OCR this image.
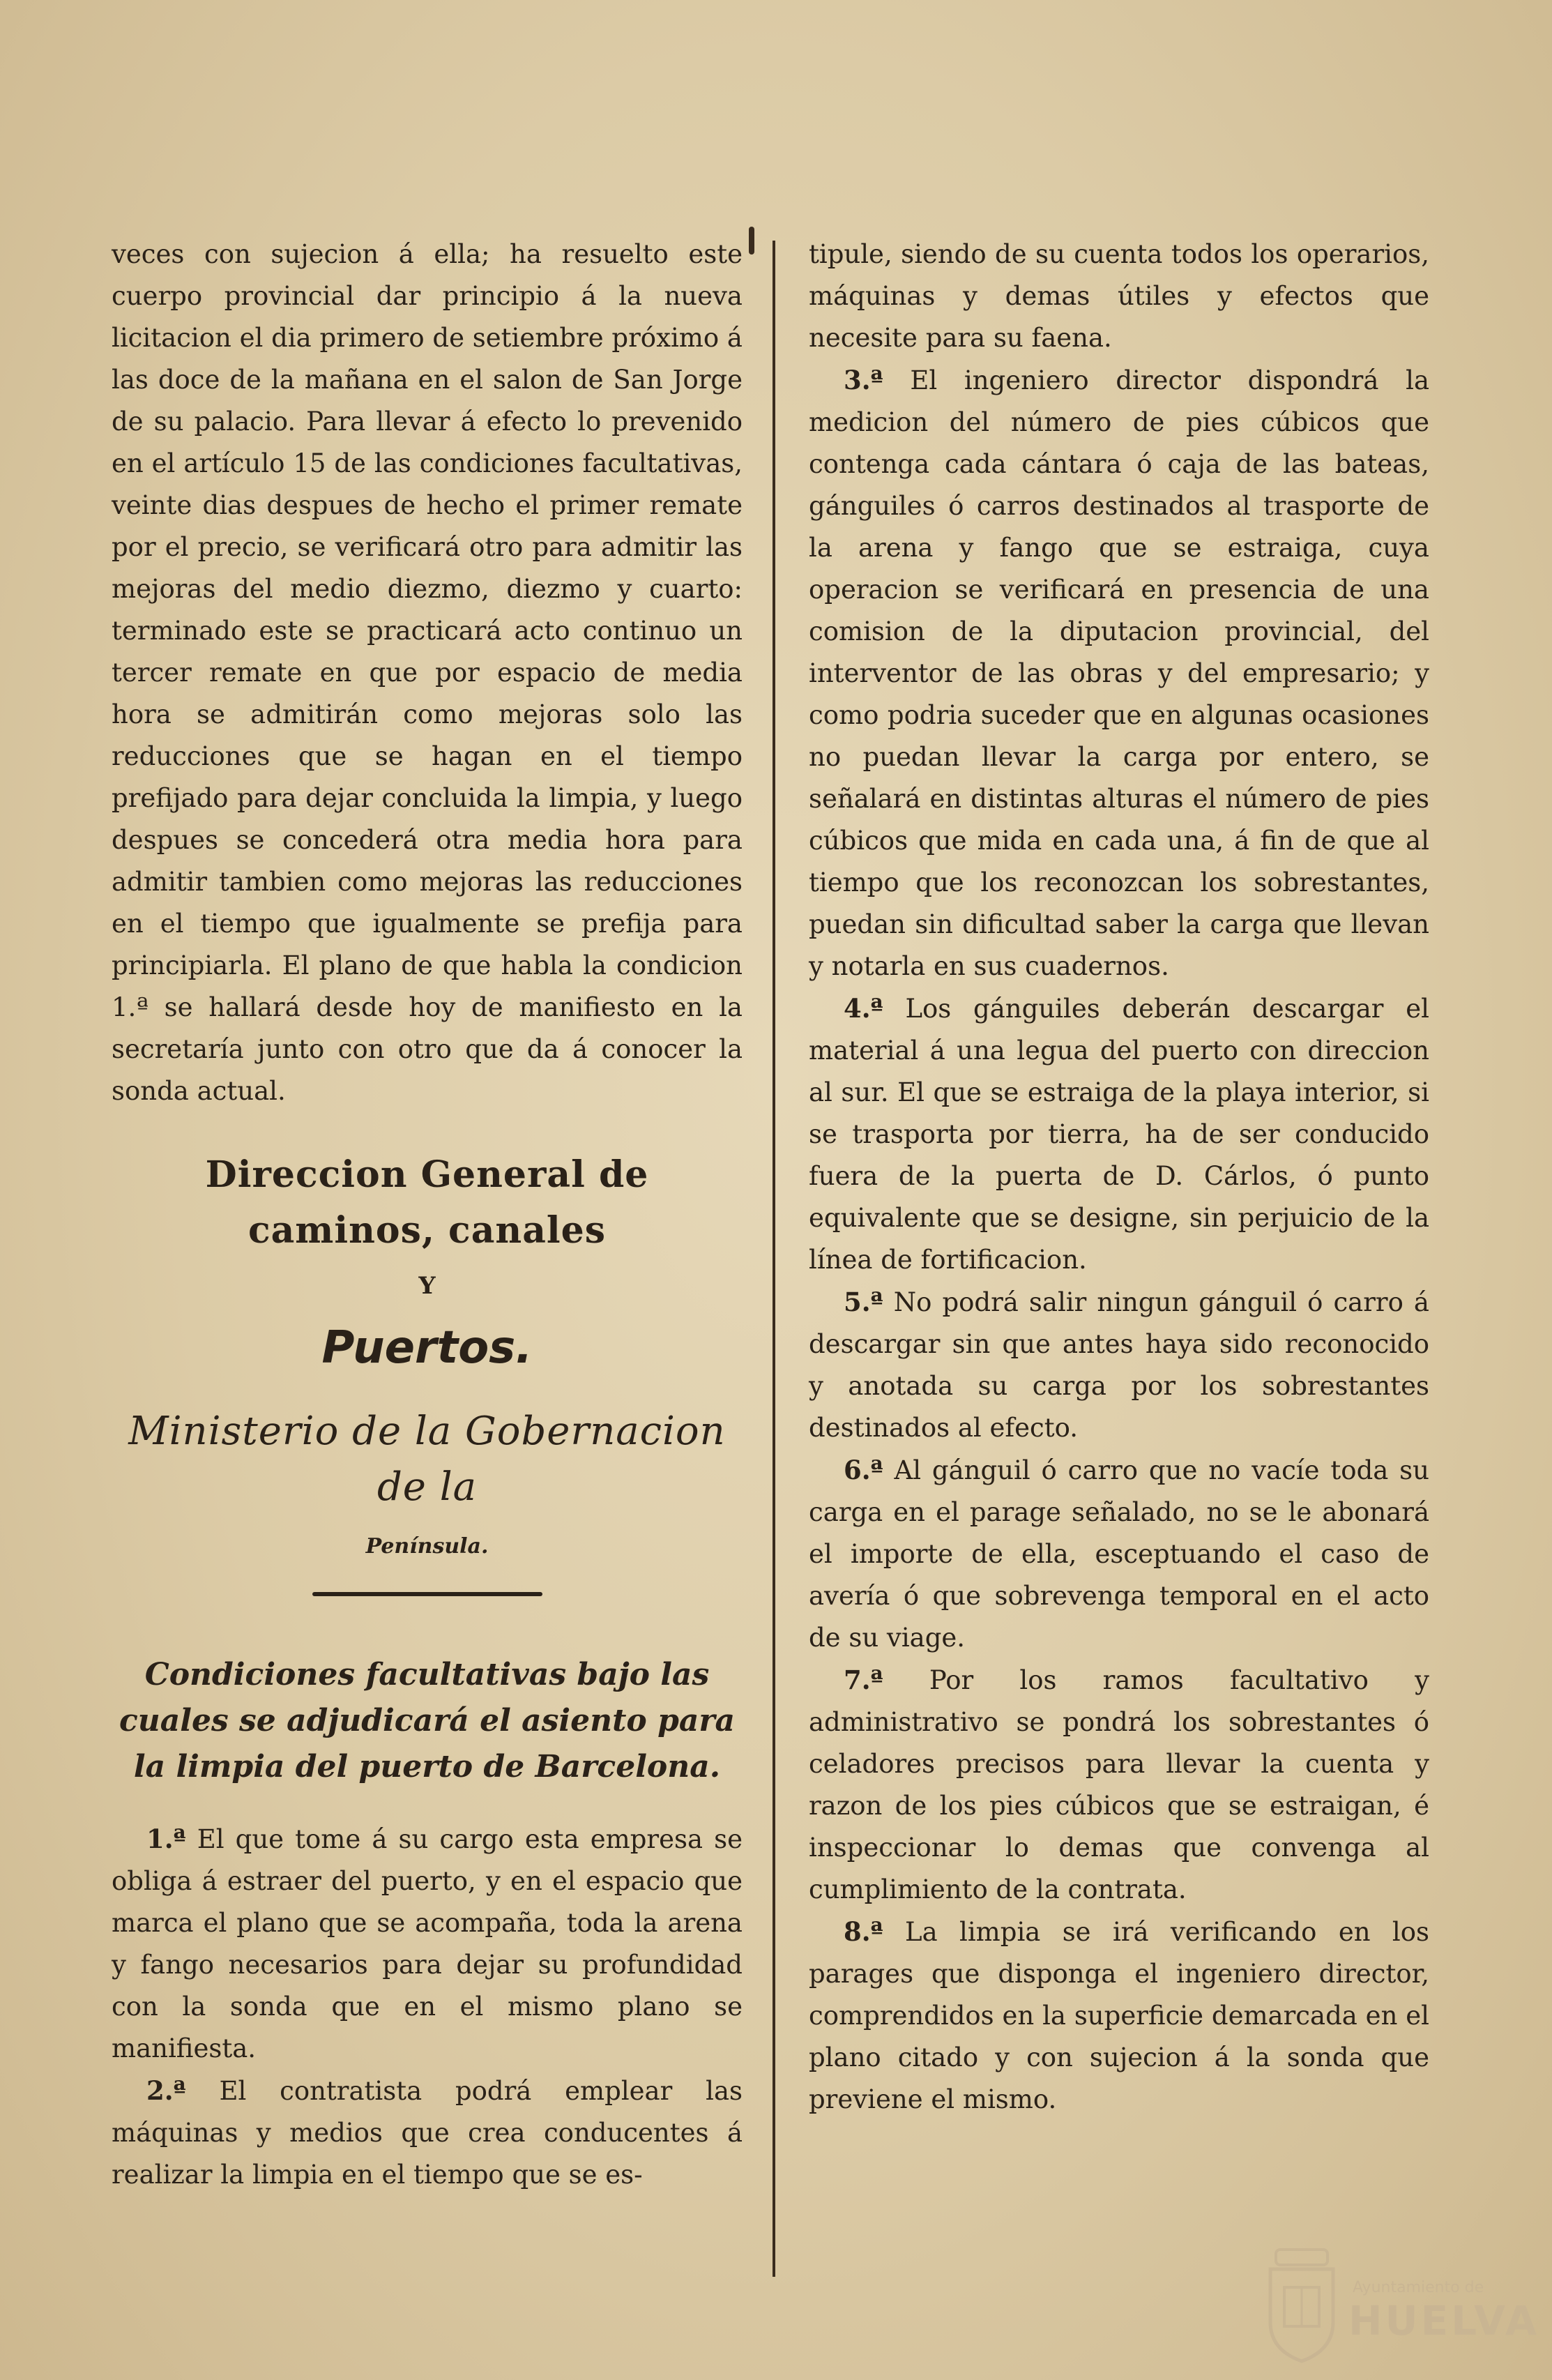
veces con sujecion á ella; ha resuelto este cuerpo provincial dar principio á la nueva licitacion el dia primero de setiembre próximo á las doce de la mañana en el salon de San Jorge de su palacio. Para llevar á efecto lo prevenido en el artículo 15 de las condiciones facultativas, veinte dias despues de hecho el primer remate por el precio, se verificará otro para admitir las mejoras del medio diezmo, diezmo y cuarto: terminado este se practicará acto continuo un tercer remate en que por espacio de media hora se admitirán como mejoras solo las reducciones que se hagan en el tiempo prefijado para dejar concluida la limpia, y luego despues se concederá otra media hora para admitir tambien como mejoras las reducciones en el tiempo que igualmente se prefija para principiarla. El plano de que habla la condicion 1.ª se hallará desde hoy de manifiesto en la secretaría junto con otro que da á conocer la sonda actual.

Direccion General de caminos, canales
Y
Puertos.
Ministerio de la Gobernacion de la
Península.
Condiciones facultativas bajo las cuales se adjudicará el asiento para la limpia del puerto de Barcelona.

1.ª El que tome á su cargo esta empresa se obliga á estraer del puerto, y en el espacio que marca el plano que se acompaña, toda la arena y fango necesarios para dejar su profundidad con la sonda que en el mismo plano se manifiesta.

2.ª El contratista podrá emplear las máquinas y medios que crea conducentes á realizar la limpia en el tiempo que se es-

tipule, siendo de su cuenta todos los operarios, máquinas y demas útiles y efectos que necesite para su faena.

3.ª El ingeniero director dispondrá la medicion del número de pies cúbicos que contenga cada cántara ó caja de las bateas, gánguiles ó carros destinados al trasporte de la arena y fango que se estraiga, cuya operacion se verificará en presencia de una comision de la diputacion provincial, del interventor de las obras y del empresario; y como podria suceder que en algunas ocasiones no puedan llevar la carga por entero, se señalará en distintas alturas el número de pies cúbicos que mida en cada una, á fin de que al tiempo que los reconozcan los sobrestantes, puedan sin dificultad saber la carga que llevan y notarla en sus cuadernos.

4.ª Los gánguiles deberán descargar el material á una legua del puerto con direccion al sur. El que se estraiga de la playa interior, si se trasporta por tierra, ha de ser conducido fuera de la puerta de D. Cárlos, ó punto equivalente que se designe, sin perjuicio de la línea de fortificacion.

5.ª No podrá salir ningun gánguil ó carro á descargar sin que antes haya sido reconocido y anotada su carga por los sobrestantes destinados al efecto.

6.ª Al gánguil ó carro que no vacíe toda su carga en el parage señalado, no se le abonará el importe de ella, esceptuando el caso de avería ó que sobrevenga temporal en el acto de su viage.

7.ª Por los ramos facultativo y administrativo se pondrá los sobrestantes ó celadores precisos para llevar la cuenta y razon de los pies cúbicos que se estraigan, é inspeccionar lo demas que convenga al cumplimiento de la contrata.

8.ª La limpia se irá verificando en los parages que disponga el ingeniero director, comprendidos en la superficie demarcada en el plano citado y con sujecion á la sonda que previene el mismo.

Ayuntamiento de
HUELVA
